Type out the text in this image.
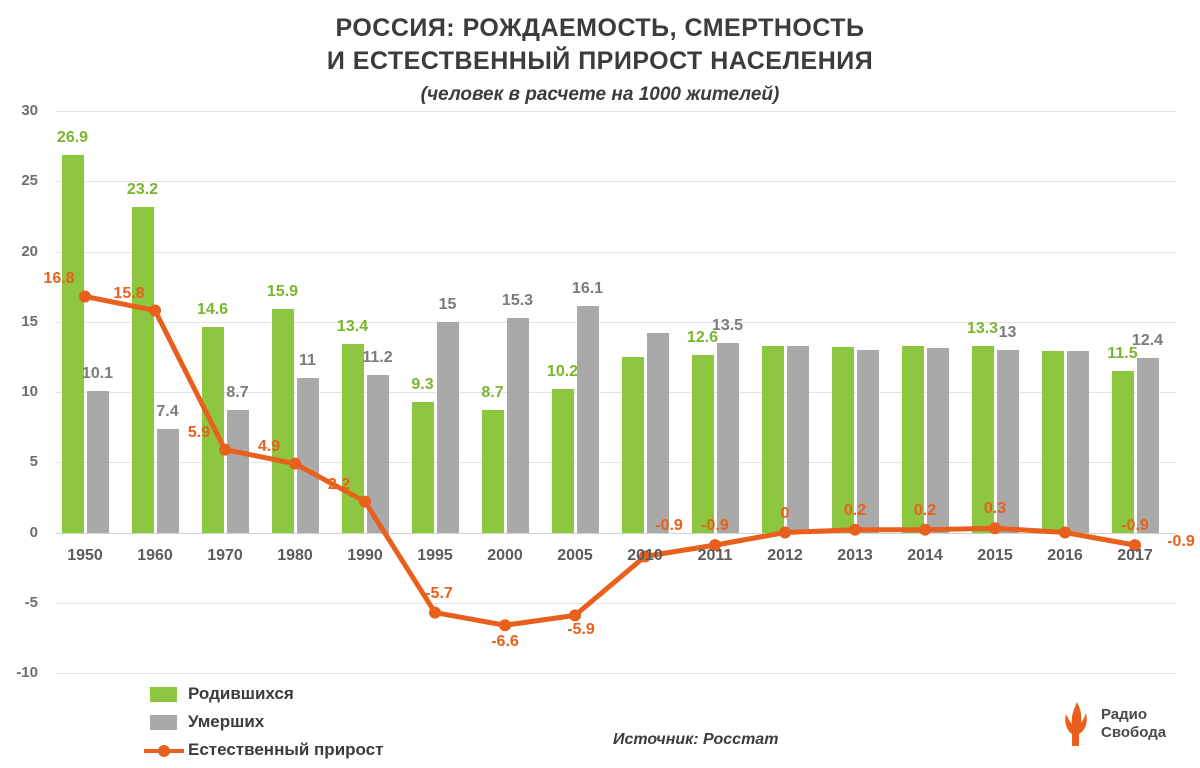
РОССИЯ: РОЖДАЕМОСТЬ, СМЕРТНОСТЬ
И ЕСТЕСТВЕННЫЙ ПРИРОСТ НАСЕЛЕНИЯ
(человек в расчете на 1000 жителей)
30
25
20
15
10
5
0
-5
-10
26.9
10.1
23.2
7.4
14.6
8.7
15.9
11
13.4
11.2
9.3
15
8.7
15.3
10.2
16.1
12.6
13.5	13.3 13
11.5
12.4
16.8
15.8
5.9
4.9
2.2
-5.7
-6.6
-5.9
-0.9
0	0.2	0.2	0.3
-0.9
-0.9
-0.9
1950 1960 1970 1980 1990 1995 2000 2005 2010 2011 2012 2013 2014 2015 2016 2017
Родившихся
Умерших
Естественный прирост
Источник: Росстат
Радио
Свобода
